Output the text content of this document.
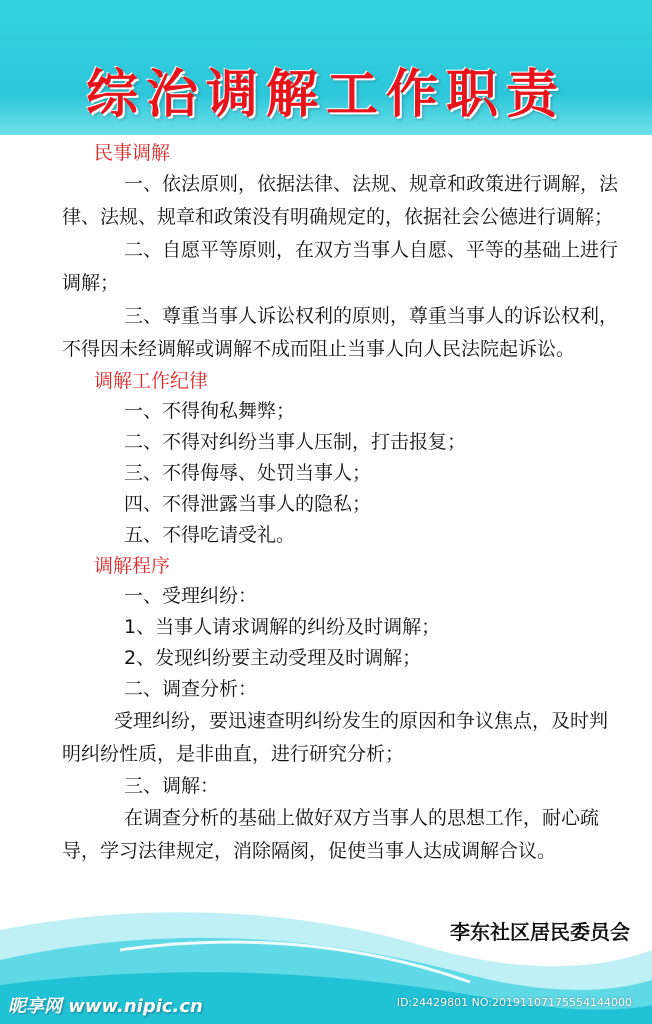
综治调解工作职责
民事调解

一、依法原则，依据法律、法规、规章和政策进行调解，法律、法规、规章和政策没有明确规定的，依据社会公德进行调解；

二、自愿平等原则，在双方当事人自愿、平等的基础上进行调解；

三、尊重当事人诉讼权利的原则，尊重当事人的诉讼权利，不得因未经调解或调解不成而阻止当事人向人民法院起诉讼。

调解工作纪律

一、不得徇私舞弊；

二、不得对纠纷当事人压制，打击报复；

三、不得侮辱、处罚当事人；

四、不得泄露当事人的隐私；

五、不得吃请受礼。

调解程序

一、受理纠纷：

1、当事人请求调解的纠纷及时调解；

2、发现纠纷要主动受理及时调解；

二、调查分析：

受理纠纷，要迅速查明纠纷发生的原因和争议焦点，及时判明纠纷性质，是非曲直，进行研究分析；

三、调解：

在调查分析的基础上做好双方当事人的思想工作，耐心疏导，学习法律规定，消除隔阂，促使当事人达成调解合议。

李东社区居民委员会
昵享网 www.nipic.cn	ID:24429801 NO:20191107175554144000
